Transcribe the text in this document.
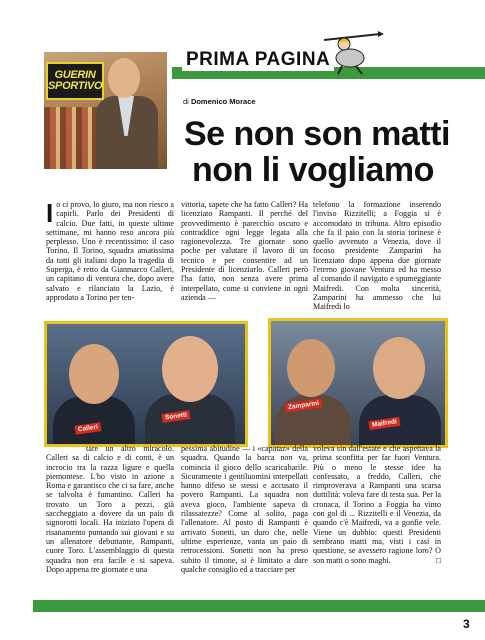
GUERIN SPORTIVO
PRIMA PAGINA
di Domenico Morace
Se non son matti
non li vogliamo
I o ci provo, lo giuro, ma non riesco a capirli. Parlo dei Presidenti di calcio. Due fatti, in queste ultime settimane, mi hanno reso ancora più perplesso. Uno è recentissimo: il caso Torino. Il Torino, squadra amatissima da tutti gli italiani dopo la tragedia di Superga, è retto da Gianmarco Calleri, un capitano di ventura che, dopo avere salvato e rilanciato la Lazio, è approdato a Torino per ten-

vittoria, sapete che ha fatto Calleri? Ha licenziato Rampanti. Il perché del provvedimento è parecchio oscuro e contraddice ogni legge legata alla ragionevolezza. Tre giornate sono poche per valutare il lavoro di un tecnico e per consentire ad un Presidente di licenziarlo. Calleri però l'ha fatto, non senza avere prima interpellato, come si conviene in ogni azienda —

telefono la formazione inserendo l'inviso Rizzitelli; a Foggia si è accomodato in tribuna. Altro episodio che fa il paio con la storia torinese è quello avvenuto a Venezia, dove il focoso presidente Zamparini ha licenziato dopo appena due giornate l'eterno giovane Ventura ed ha messo al comando il navigato e spumeggiante Maifredi. Con molta sincerità, Zamparini ha ammesso che lui Maifredi lo

Calleri
Sonetti
Zamparini
Maifredi

tare un altro miracolo. Calleri sa di calcio e di conti, è un incrocio tra la razza ligure e quella piemontese. L'ho visto in azione a Roma e garantisco che ci sa fare, anche se talvolta è fumantino. Calleri ha trovato un Toro a pezzi, già saccheggiato a dovere da un paio di signorotti locali. Ha iniziato l'opera di risanamento puntando sui giovani e su un allenatore debuttante, Rampanti, cuore Toro. L'assemblaggio di questa squadra non era facile e si sapeva. Dopo appena tre giornate e una

pessima abitudine — i «capataz» della squadra. Quando la barca non va, comincia il gioco dello scaricabarile. Sicuramente i gentiluomini interpellati hanno difeso se stessi e accusato il povero Rampanti. La squadra non aveva gioco, l'ambiente sapeva di rilassatezze? Come al solito, paga l'allenatore. Al posto di Rampanti è arrivato Sonetti, un duro che, nelle ultime esperienze, vanta un paio di retrocessioni. Sonetti non ha preso subito il timone, si è limitato a dare qualche consiglio ed a tracciare per

voleva sin dall'estate e che aspettava la prima sconfitta per far fuori Ventura. Più o meno le stesse idee ha confessato, a freddo, Calleri, che rimproverava a Rampanti una scarsa duttilità: voleva fare di testa sua. Per la cronaca, il Torino a Foggia ha vinto con gol di ... Rizzitelli e il Venezia, da quando c'è Maifredi, va a gonfie vele. Viene un dubbio: questi Presidenti sembrano matti ma, visti i casi in questione, se avessero ragione loro? O son matti o sono maghi.	□

3
